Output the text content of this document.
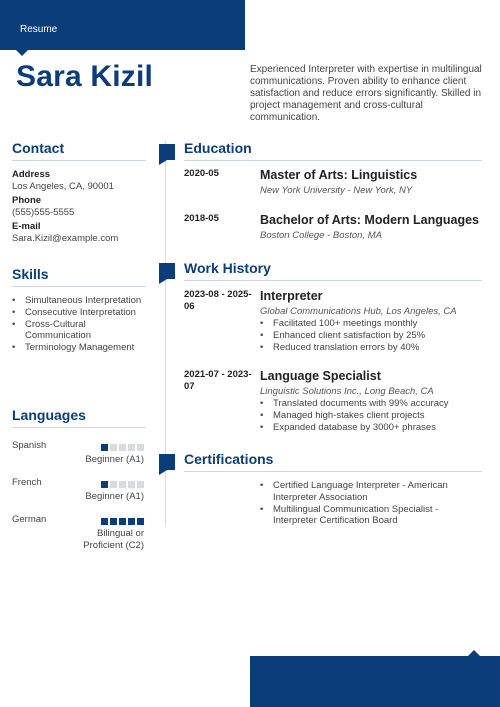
Resume
Sara Kizil	Experienced Interpreter with expertise in multilingual communications. Proven ability to enhance client satisfaction and reduce errors significantly. Skilled in project management and cross-cultural communication.
Contact
Address
Los Angeles, CA, 90001
Phone
(555)555-5555
E-mail
Sara.Kizil@example.com
Skills
• Simultaneous Interpretation
• Consecutive Interpretation
• Cross-Cultural Communication
• Terminology Management
Languages
Spanish
Beginner (A1)
French
Beginner (A1)
German
Bilingual or Proficient (C2)
Education
2020-05	Master of Arts: Linguistics
New York University - New York, NY
2018-05	Bachelor of Arts: Modern Languages
Boston College - Boston, MA
Work History
2023-08 - 2025-06
Interpreter
Global Communications Hub, Los Angeles, CA
• Facilitated 100+ meetings monthly
• Enhanced client satisfaction by 25%
• Reduced translation errors by 40%
2021-07 - 2023-07
Language Specialist
Linguistic Solutions Inc., Long Beach, CA
• Translated documents with 99% accuracy
• Managed high-stakes client projects
• Expanded database by 3000+ phrases
Certifications
• Certified Language Interpreter - American Interpreter Association
• Multilingual Communication Specialist - Interpreter Certification Board
